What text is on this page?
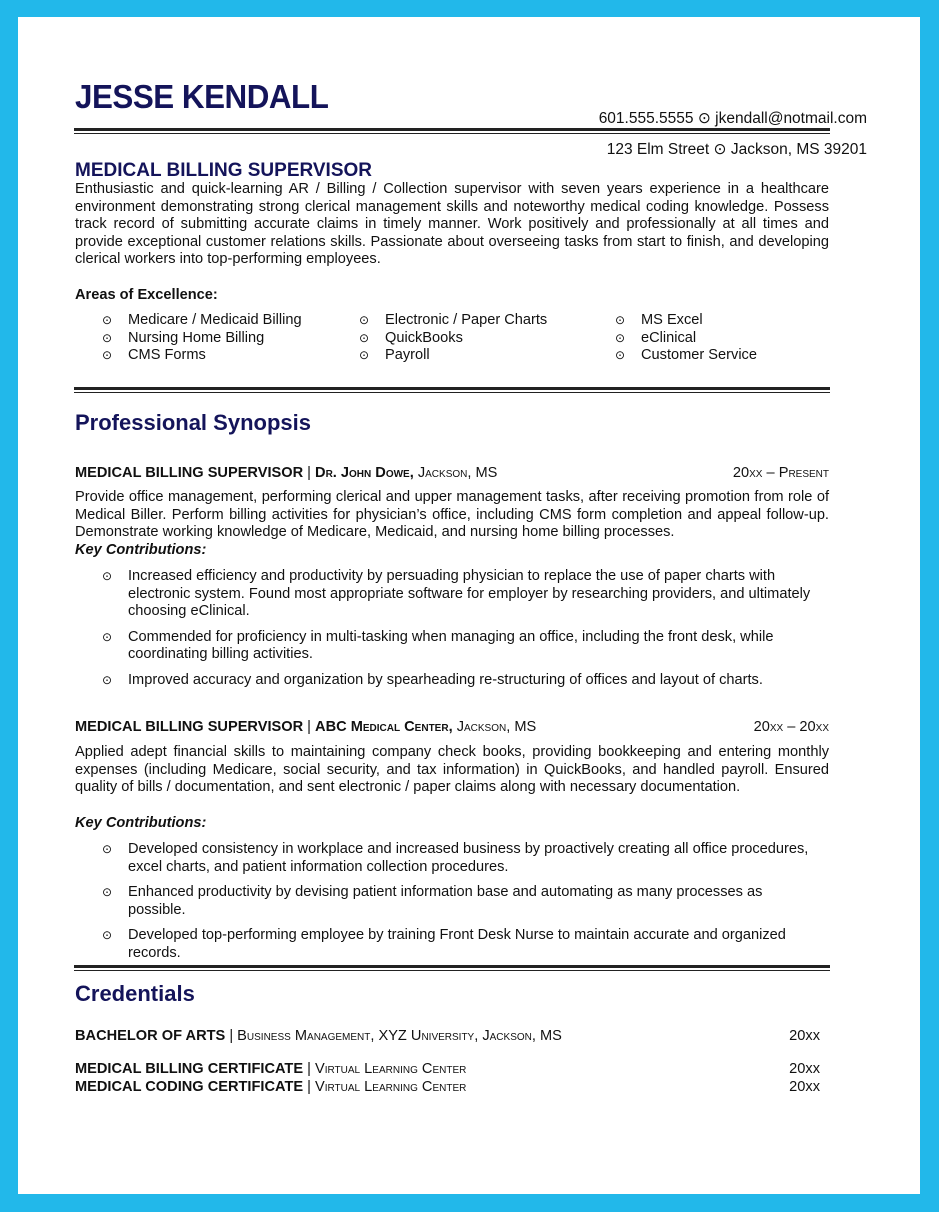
JESSE KENDALL
601.555.5555 ⊙ jkendall@notmail.com
123 Elm Street ⊙ Jackson, MS 39201
MEDICAL BILLING SUPERVISOR
Enthusiastic and quick-learning AR / Billing / Collection supervisor with seven years experience in a healthcare environment demonstrating strong clerical management skills and noteworthy medical coding knowledge. Possess track record of submitting accurate claims in timely manner. Work positively and professionally at all times and provide exceptional customer relations skills. Passionate about overseeing tasks from start to finish, and developing clerical workers into top-performing employees.
Areas of Excellence:
⊙ Medicare / Medicaid Billing	⊙ Electronic / Paper Charts	⊙ MS Excel
⊙ Nursing Home Billing	⊙ QuickBooks	⊙ eClinical
⊙ CMS Forms	⊙ Payroll	⊙ Customer Service
Professional Synopsis
MEDICAL BILLING SUPERVISOR | Dr. John Dowe, Jackson, MS	20xx – Present
Provide office management, performing clerical and upper management tasks, after receiving promotion from role of Medical Biller. Perform billing activities for physician’s office, including CMS form completion and appeal follow-up. Demonstrate working knowledge of Medicare, Medicaid, and nursing home billing processes.
Key Contributions:
⊙ Increased efficiency and productivity by persuading physician to replace the use of paper charts with electronic system. Found most appropriate software for employer by researching providers, and ultimately choosing eClinical.
⊙ Commended for proficiency in multi-tasking when managing an office, including the front desk, while coordinating billing activities.
⊙ Improved accuracy and organization by spearheading re-structuring of offices and layout of charts.
MEDICAL BILLING SUPERVISOR | ABC Medical Center, Jackson, MS	20xx – 20xx
Applied adept financial skills to maintaining company check books, providing bookkeeping and entering monthly expenses (including Medicare, social security, and tax information) in QuickBooks, and handled payroll. Ensured quality of bills / documentation, and sent electronic / paper claims along with necessary documentation.
Key Contributions:
⊙ Developed consistency in workplace and increased business by proactively creating all office procedures, excel charts, and patient information collection procedures.
⊙ Enhanced productivity by devising patient information base and automating as many processes as possible.
⊙ Developed top-performing employee by training Front Desk Nurse to maintain accurate and organized records.
Credentials
BACHELOR OF ARTS | Business Management, XYZ University, Jackson, MS	20xx
MEDICAL BILLING CERTIFICATE | Virtual Learning Center	20xx
MEDICAL CODING CERTIFICATE | Virtual Learning Center	20xx
